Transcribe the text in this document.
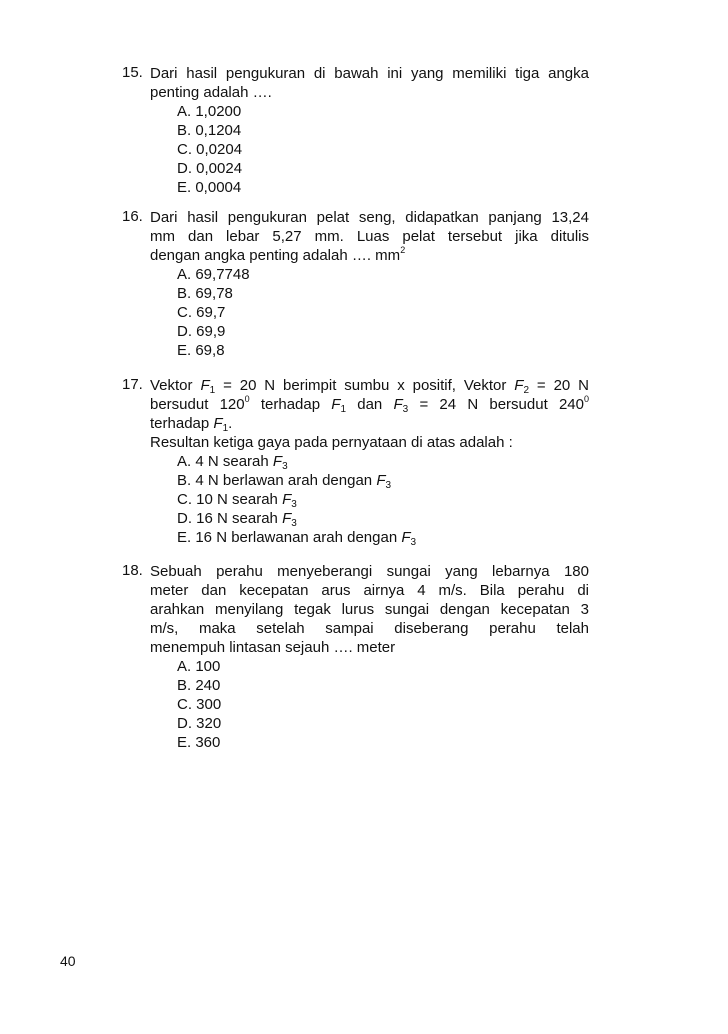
15. Dari hasil pengukuran di bawah ini yang memiliki tiga angka
penting adalah ….
A. 1,0200
B. 0,1204
C. 0,0204
D. 0,0024
E. 0,0004
16. Dari hasil pengukuran pelat seng, didapatkan panjang 13,24
mm dan lebar 5,27 mm. Luas pelat tersebut jika ditulis
dengan angka penting adalah …. $mm^2$
A. 69,7748
B. 69,78
C. 69,7
D. 69,9
E. 69,8
17. Vektor $F_1 = 20$ N berimpit sumbu x positif, Vektor $F_2 = 20$ N
bersudut $120^0$ terhadap $F_1$ dan $F_3 = 24$ N bersudut $240^0$
terhadap $F_1$.
Resultan ketiga gaya pada pernyataan di atas adalah :
A. 4 N searah $F_3$
B. 4 N berlawan arah dengan $F_3$
C. 10 N searah $F_3$
D. 16 N searah $F_3$
E. 16 N berlawanan arah dengan $F_3$
18. Sebuah perahu menyeberangi sungai yang lebarnya 180
meter dan kecepatan arus airnya 4 m/s. Bila perahu di
arahkan menyilang tegak lurus sungai dengan kecepatan 3
m/s, maka setelah sampai diseberang perahu telah
menempuh lintasan sejauh …. meter
A. 100
B. 240
C. 300
D. 320
E. 360
40
